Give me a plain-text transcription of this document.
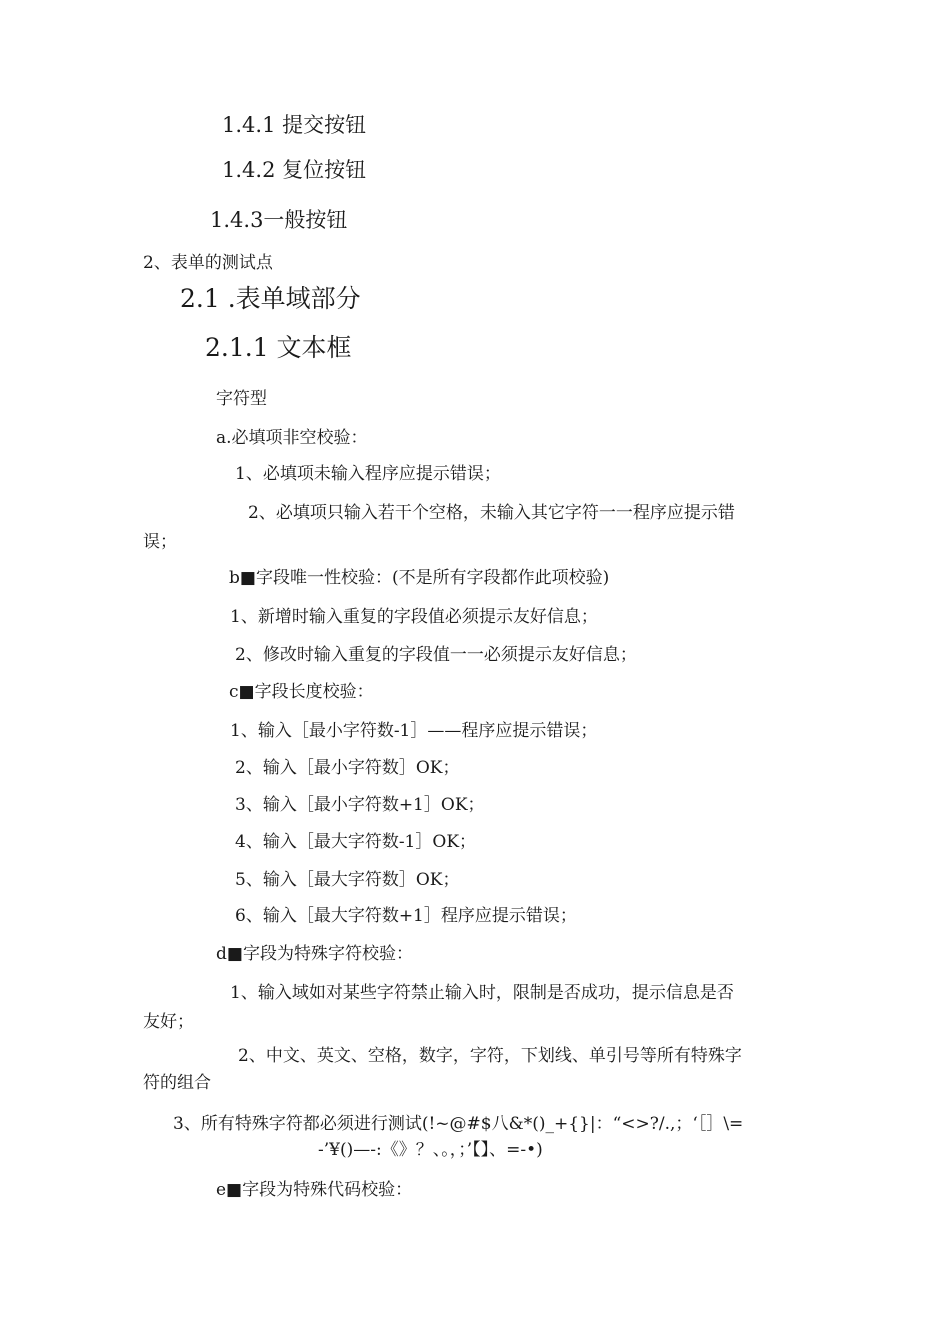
1.4.1 提交按钮
1.4.2 复位按钮
1.4.3一般按钮
2、表单的测试点
2.1 .表单域部分
2.1.1 文本框
字符型
a.必填项非空校验：
1、必填项未输入程序应提示错误；
2、必填项只输入若干个空格，未输入其它字符一一程序应提示错
误；
b■字段唯一性校验：(不是所有字段都作此项校验)
1、新增时输入重复的字段值必须提示友好信息；
2、修改时输入重复的字段值一一必须提示友好信息；
c■字段长度校验：
1、输入［最小字符数-1］——程序应提示错误；
2、输入［最小字符数］OK；
3、输入［最小字符数+1］OK；
4、输入［最大字符数-1］OK；
5、输入［最大字符数］OK；
6、输入［最大字符数+1］程序应提示错误；
d■字段为特殊字符校验：
1、输入域如对某些字符禁止输入时，限制是否成功，提示信息是否
友好；
2、中文、英文、空格，数字，字符，下划线、单引号等所有特殊字
符的组合
3、所有特殊字符都必须进行测试(!~@#$八&*()_+{}|：“<>?/.,；‘［］\=
-’¥()—-:《》？、。，；’【】、=-•)
e■字段为特殊代码校验：
